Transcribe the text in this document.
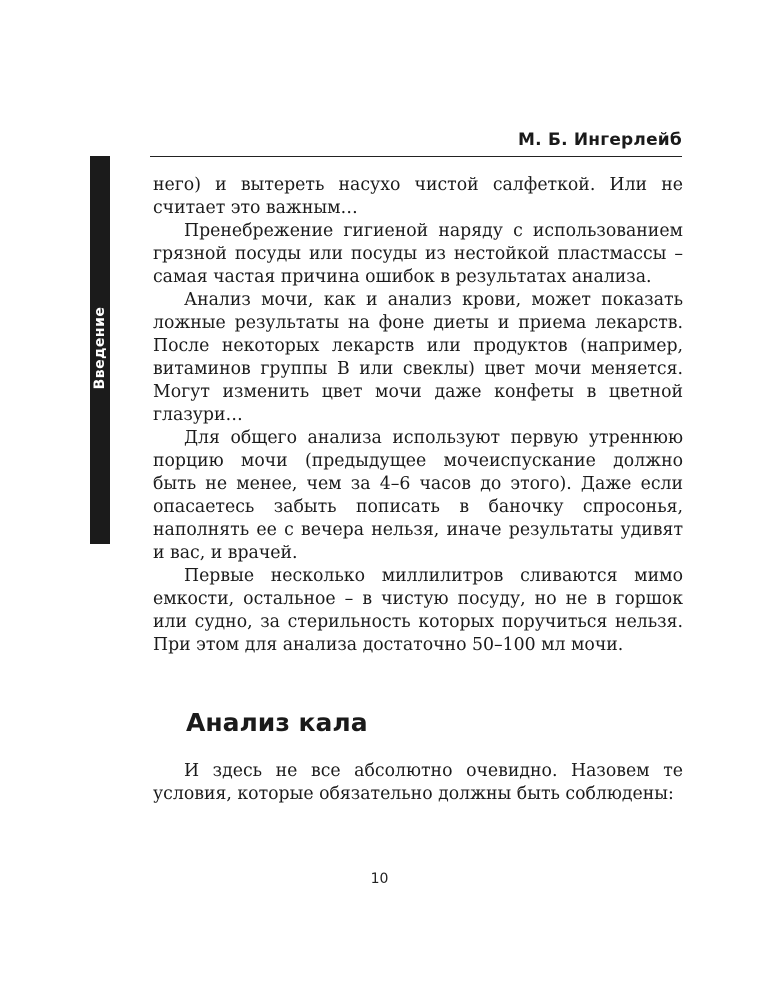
М. Б. Ингерлейб
Введение

него) и вытереть насухо чистой салфеткой. Или не считает это важным…

Пренебрежение гигиеной наряду с использованием грязной посуды или посуды из нестойкой пластмассы – самая частая причина ошибок в результатах анализа.

Анализ мочи, как и анализ крови, может показать ложные результаты на фоне диеты и приема лекарств. После некоторых лекарств или продуктов (например, витаминов группы В или свеклы) цвет мочи меняется. Могут изменить цвет мочи даже конфеты в цветной глазури…

Для общего анализа используют первую утреннюю порцию мочи (предыдущее мочеиспускание должно быть не менее, чем за 4–6 часов до этого). Даже если опасаетесь забыть пописать в баночку спросонья, наполнять ее с вечера нельзя, иначе результаты удивят и вас, и врачей.

Первые несколько миллилитров сливаются мимо емкости, остальное – в чистую посуду, но не в горшок или судно, за стерильность которых поручиться нельзя. При этом для анализа достаточно 50–100 мл мочи.

Анализ кала

И здесь не все абсолютно очевидно. Назовем те условия, которые обязательно должны быть соблюдены:

10
